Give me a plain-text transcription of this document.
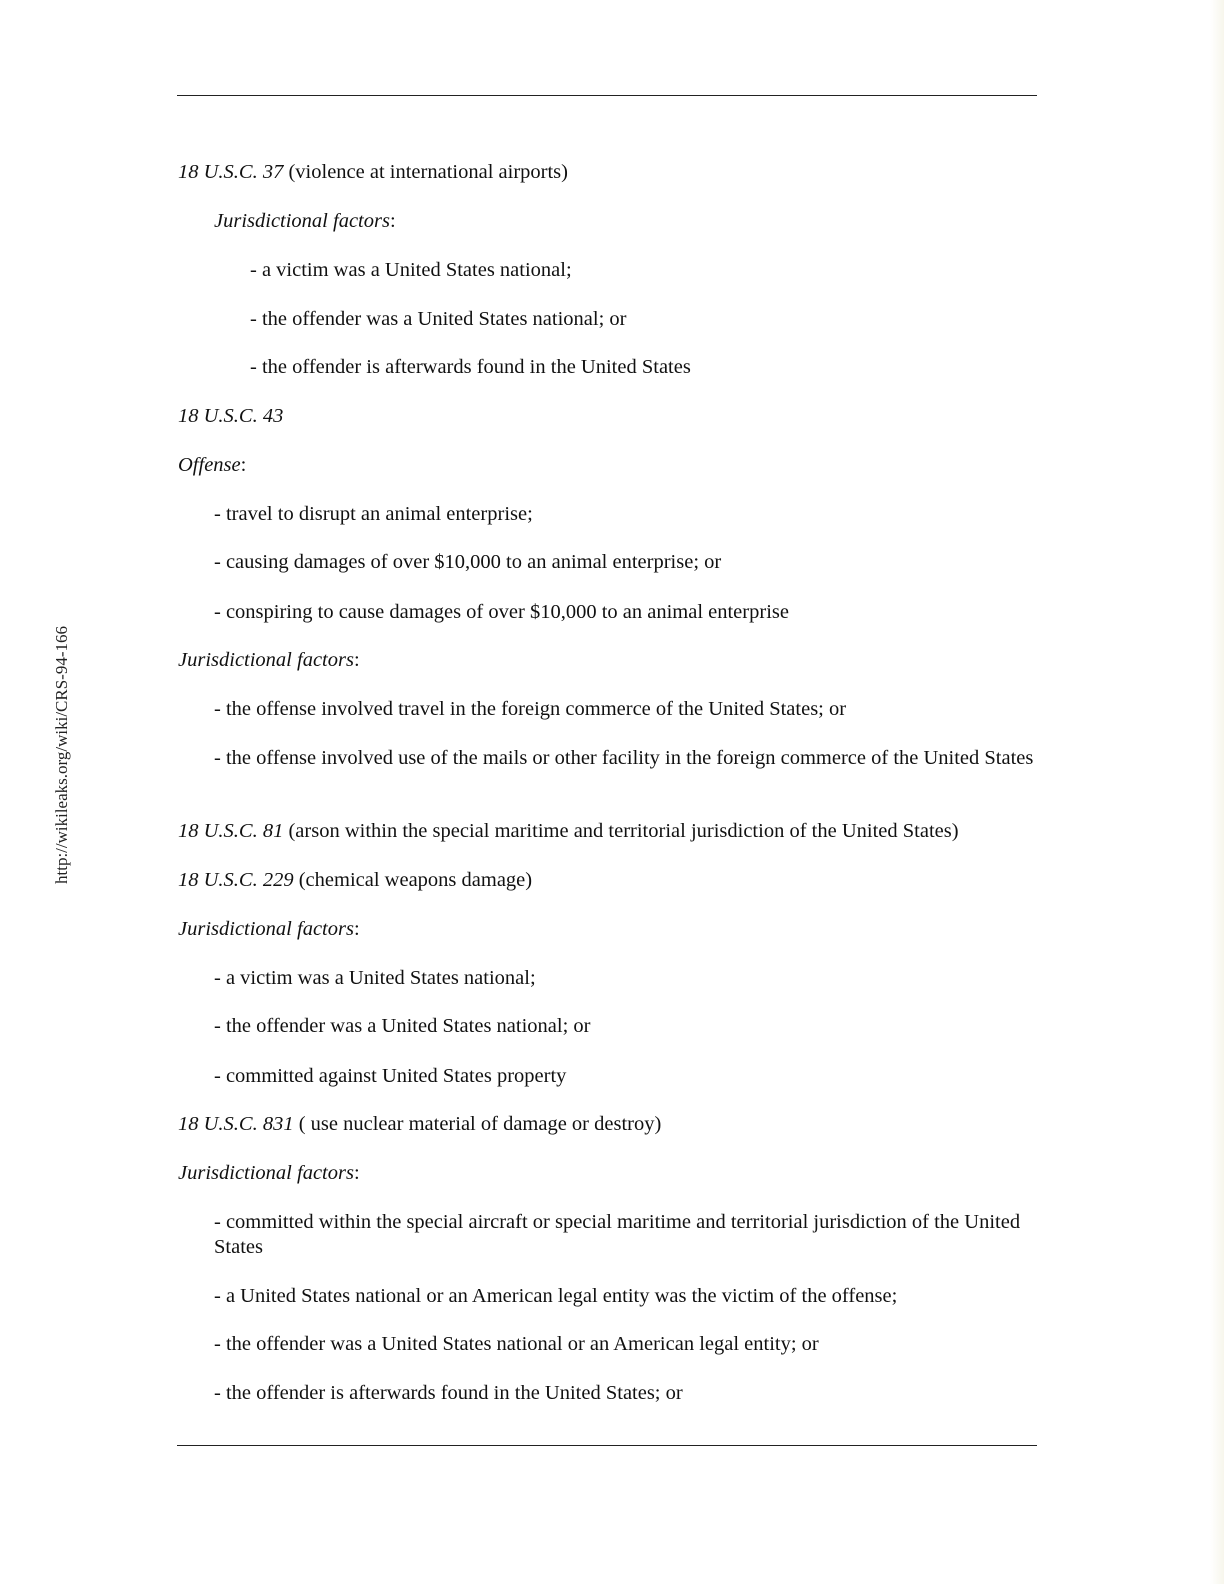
http://wikileaks.org/wiki/CRS-94-166
18 U.S.C. 37 (violence at international airports)
Jurisdictional factors:
- a victim was a United States national;
- the offender was a United States national; or
- the offender is afterwards found in the United States
18 U.S.C. 43
Offense:
- travel to disrupt an animal enterprise;
- causing damages of over $10,000 to an animal enterprise; or
- conspiring to cause damages of over $10,000 to an animal enterprise
Jurisdictional factors:
- the offense involved travel in the foreign commerce of the United States; or
- the offense involved use of the mails or other facility in the foreign commerce of the United States
18 U.S.C. 81 (arson within the special maritime and territorial jurisdiction of the United States)
18 U.S.C. 229 (chemical weapons damage)
Jurisdictional factors:
- a victim was a United States national;
- the offender was a United States national; or
- committed against United States property
18 U.S.C. 831 ( use nuclear material of damage or destroy)
Jurisdictional factors:
- committed within the special aircraft or special maritime and territorial jurisdiction of the United States
- a United States national or an American legal entity was the victim of the offense;
- the offender was a United States national or an American legal entity; or
- the offender is afterwards found in the United States; or
